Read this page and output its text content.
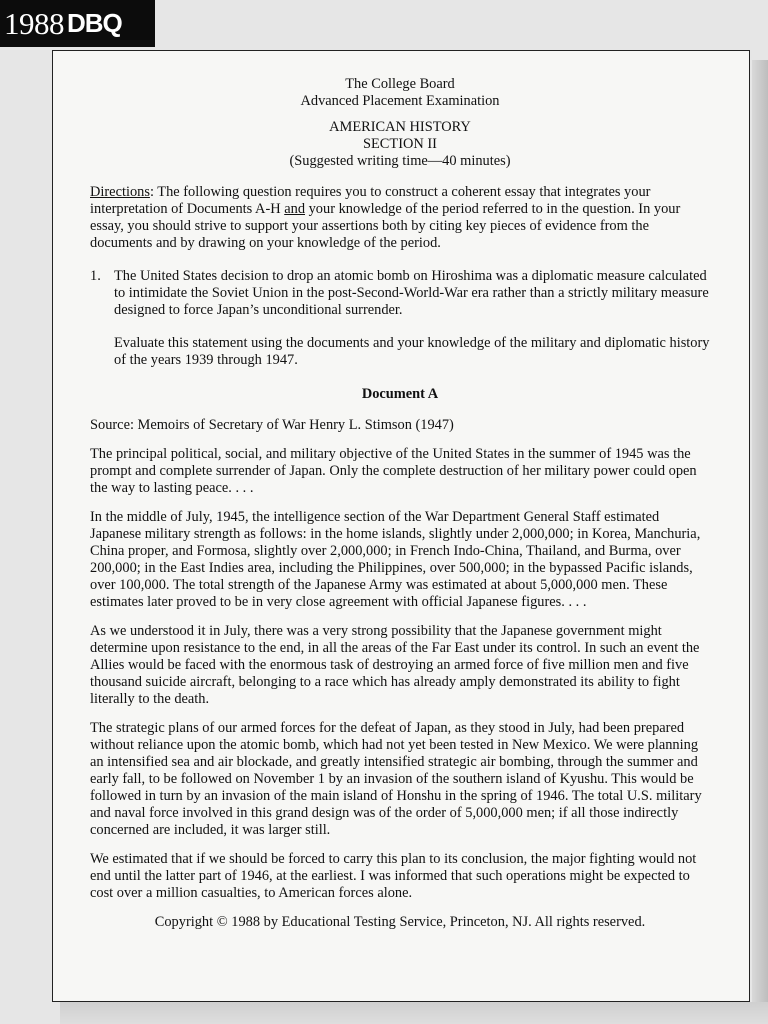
1988 DBQ

The College Board

Advanced Placement Examination

AMERICAN HISTORY

SECTION II

(Suggested writing time—40 minutes)

Directions: The following question requires you to construct a coherent essay that integrates your interpretation of Documents A-H and your knowledge of the period referred to in the question. In your essay, you should strive to support your assertions both by citing key pieces of evidence from the documents and by drawing on your knowledge of the period.

1. The United States decision to drop an atomic bomb on Hiroshima was a diplomatic measure calculated to intimidate the Soviet Union in the post-Second-World-War era rather than a strictly military measure designed to force Japan’s unconditional surrender.

Evaluate this statement using the documents and your knowledge of the military and diplomatic history of the years 1939 through 1947.

Document A

Source: Memoirs of Secretary of War Henry L. Stimson (1947)

The principal political, social, and military objective of the United States in the summer of 1945 was the prompt and complete surrender of Japan. Only the complete destruction of her military power could open the way to lasting peace. . . .

In the middle of July, 1945, the intelligence section of the War Department General Staff estimated Japanese military strength as follows: in the home islands, slightly under 2,000,000; in Korea, Manchuria, China proper, and Formosa, slightly over 2,000,000; in French Indo-China, Thailand, and Burma, over 200,000; in the East Indies area, including the Philippines, over 500,000; in the bypassed Pacific islands, over 100,000. The total strength of the Japanese Army was estimated at about 5,000,000 men. These estimates later proved to be in very close agreement with official Japanese figures. . . .

As we understood it in July, there was a very strong possibility that the Japanese government might determine upon resistance to the end, in all the areas of the Far East under its control. In such an event the Allies would be faced with the enormous task of destroying an armed force of five million men and five thousand suicide aircraft, belonging to a race which has already amply demonstrated its ability to fight literally to the death.

The strategic plans of our armed forces for the defeat of Japan, as they stood in July, had been prepared without reliance upon the atomic bomb, which had not yet been tested in New Mexico. We were planning an intensified sea and air blockade, and greatly intensified strategic air bombing, through the summer and early fall, to be followed on November 1 by an invasion of the southern island of Kyushu. This would be followed in turn by an invasion of the main island of Honshu in the spring of 1946. The total U.S. military and naval force involved in this grand design was of the order of 5,000,000 men; if all those indirectly concerned are included, it was larger still.

We estimated that if we should be forced to carry this plan to its conclusion, the major fighting would not end until the latter part of 1946, at the earliest. I was informed that such operations might be expected to cost over a million casualties, to American forces alone.

Copyright © 1988 by Educational Testing Service, Princeton, NJ. All rights reserved.
